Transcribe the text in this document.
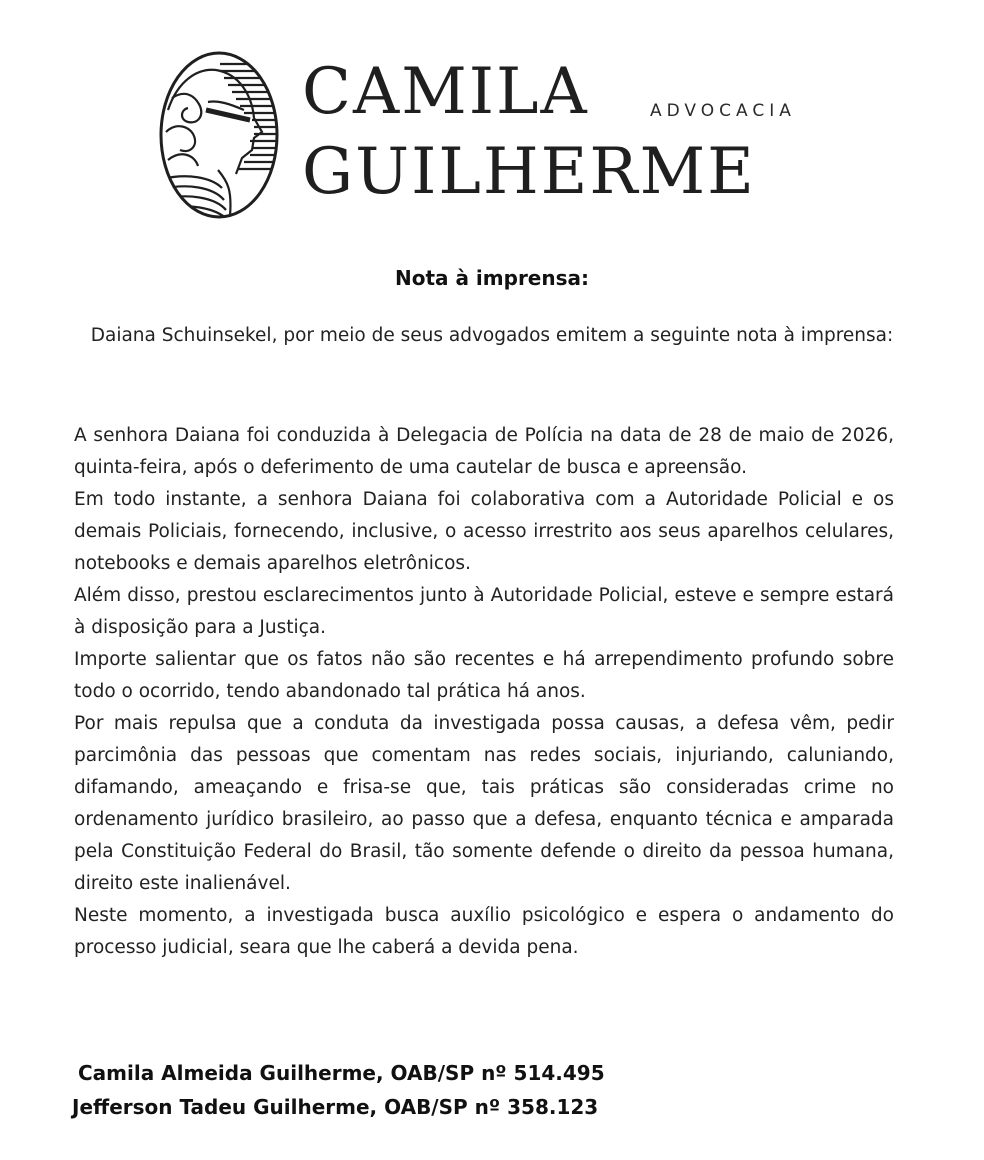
CAMILA	ADVOCACIA
GUILHERME
Nota à imprensa:
Daiana Schuinsekel, por meio de seus advogados emitem a seguinte nota à imprensa:

A senhora Daiana foi conduzida à Delegacia de Polícia na data de 28 de maio de 2026, quinta-feira, após o deferimento de uma cautelar de busca e apreensão.

Em todo instante, a senhora Daiana foi colaborativa com a Autoridade Policial e os demais Policiais, fornecendo, inclusive, o acesso irrestrito aos seus aparelhos celulares, notebooks e demais aparelhos eletrônicos.

Além disso, prestou esclarecimentos junto à Autoridade Policial, esteve e sempre estará à disposição para a Justiça.

Importe salientar que os fatos não são recentes e há arrependimento profundo sobre todo o ocorrido, tendo abandonado tal prática há anos.

Por mais repulsa que a conduta da investigada possa causas, a defesa vêm, pedir parcimônia das pessoas que comentam nas redes sociais, injuriando, caluniando, difamando, ameaçando e frisa-se que, tais práticas são consideradas crime no ordenamento jurídico brasileiro, ao passo que a defesa, enquanto técnica e amparada pela Constituição Federal do Brasil, tão somente defende o direito da pessoa humana, direito este inalienável.

Neste momento, a investigada busca auxílio psicológico e espera o andamento do processo judicial, seara que lhe caberá a devida pena.

Camila Almeida Guilherme, OAB/SP nº 514.495
Jefferson Tadeu Guilherme, OAB/SP nº 358.123
